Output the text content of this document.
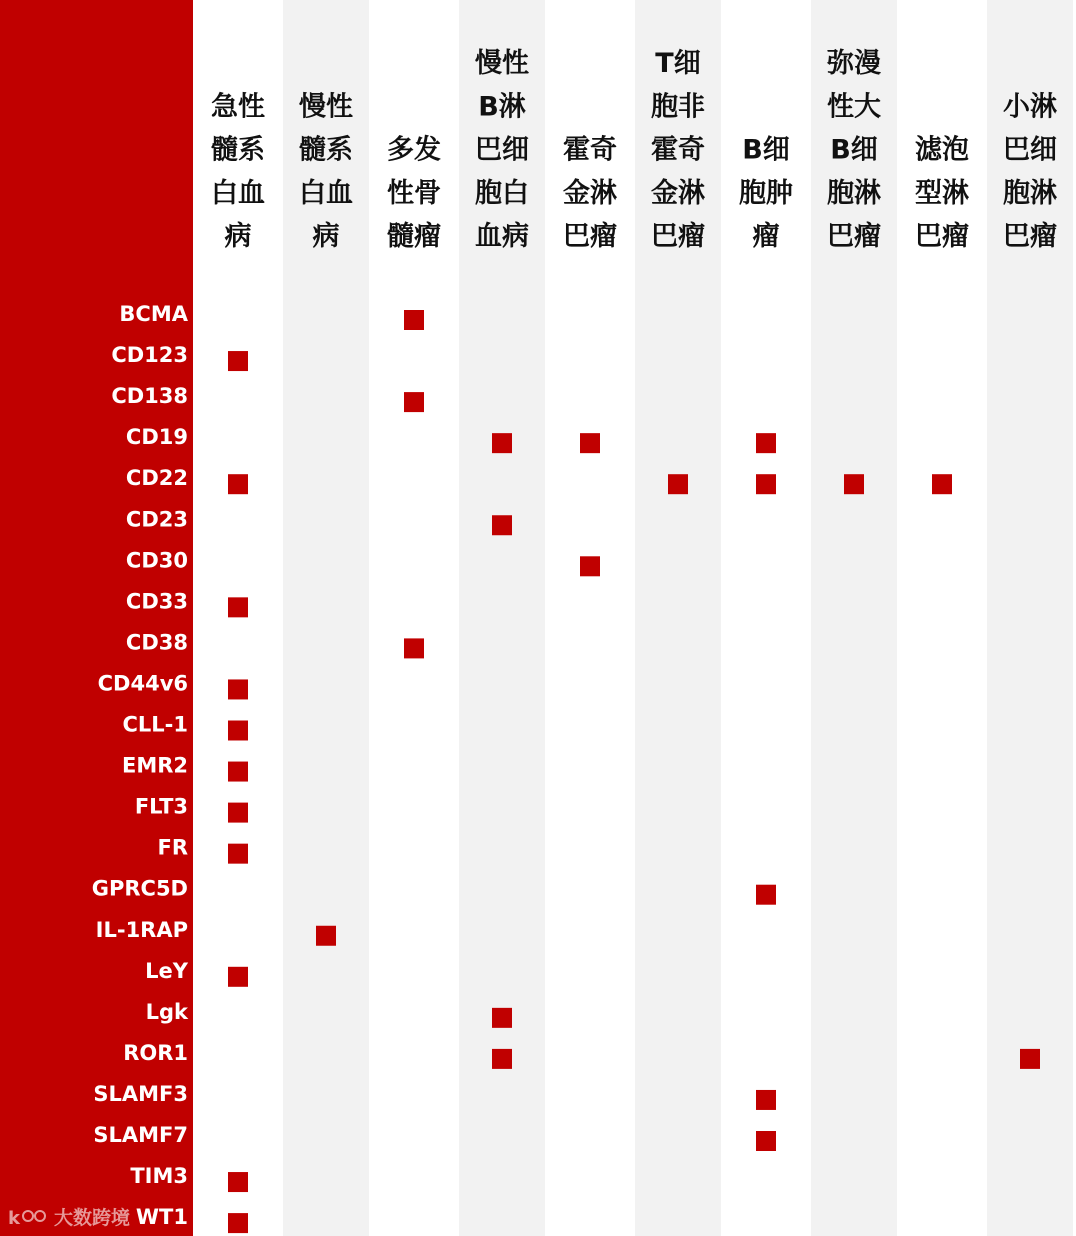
急性
髓系
白血
病
慢性
髓系
白血
病
多发
性骨
髓瘤
慢性
B淋
巴细
胞白
血病
霍奇
金淋
巴瘤
T细
胞非
霍奇
金淋
巴瘤
B细
胞肿
瘤
弥漫
性大
B细
胞淋
巴瘤
滤泡
型淋
巴瘤
小淋
巴细
胞淋
巴瘤
BCMA
CD123
CD138
CD19
CD22
CD23
CD30
CD33
CD38
CD44v6
CLL-1
EMR2
FLT3
FR
GPRC5D
IL-1RAP
LeY
Lgk
ROR1
SLAMF3
SLAMF7
TIM3
WT1
k 大数跨境
